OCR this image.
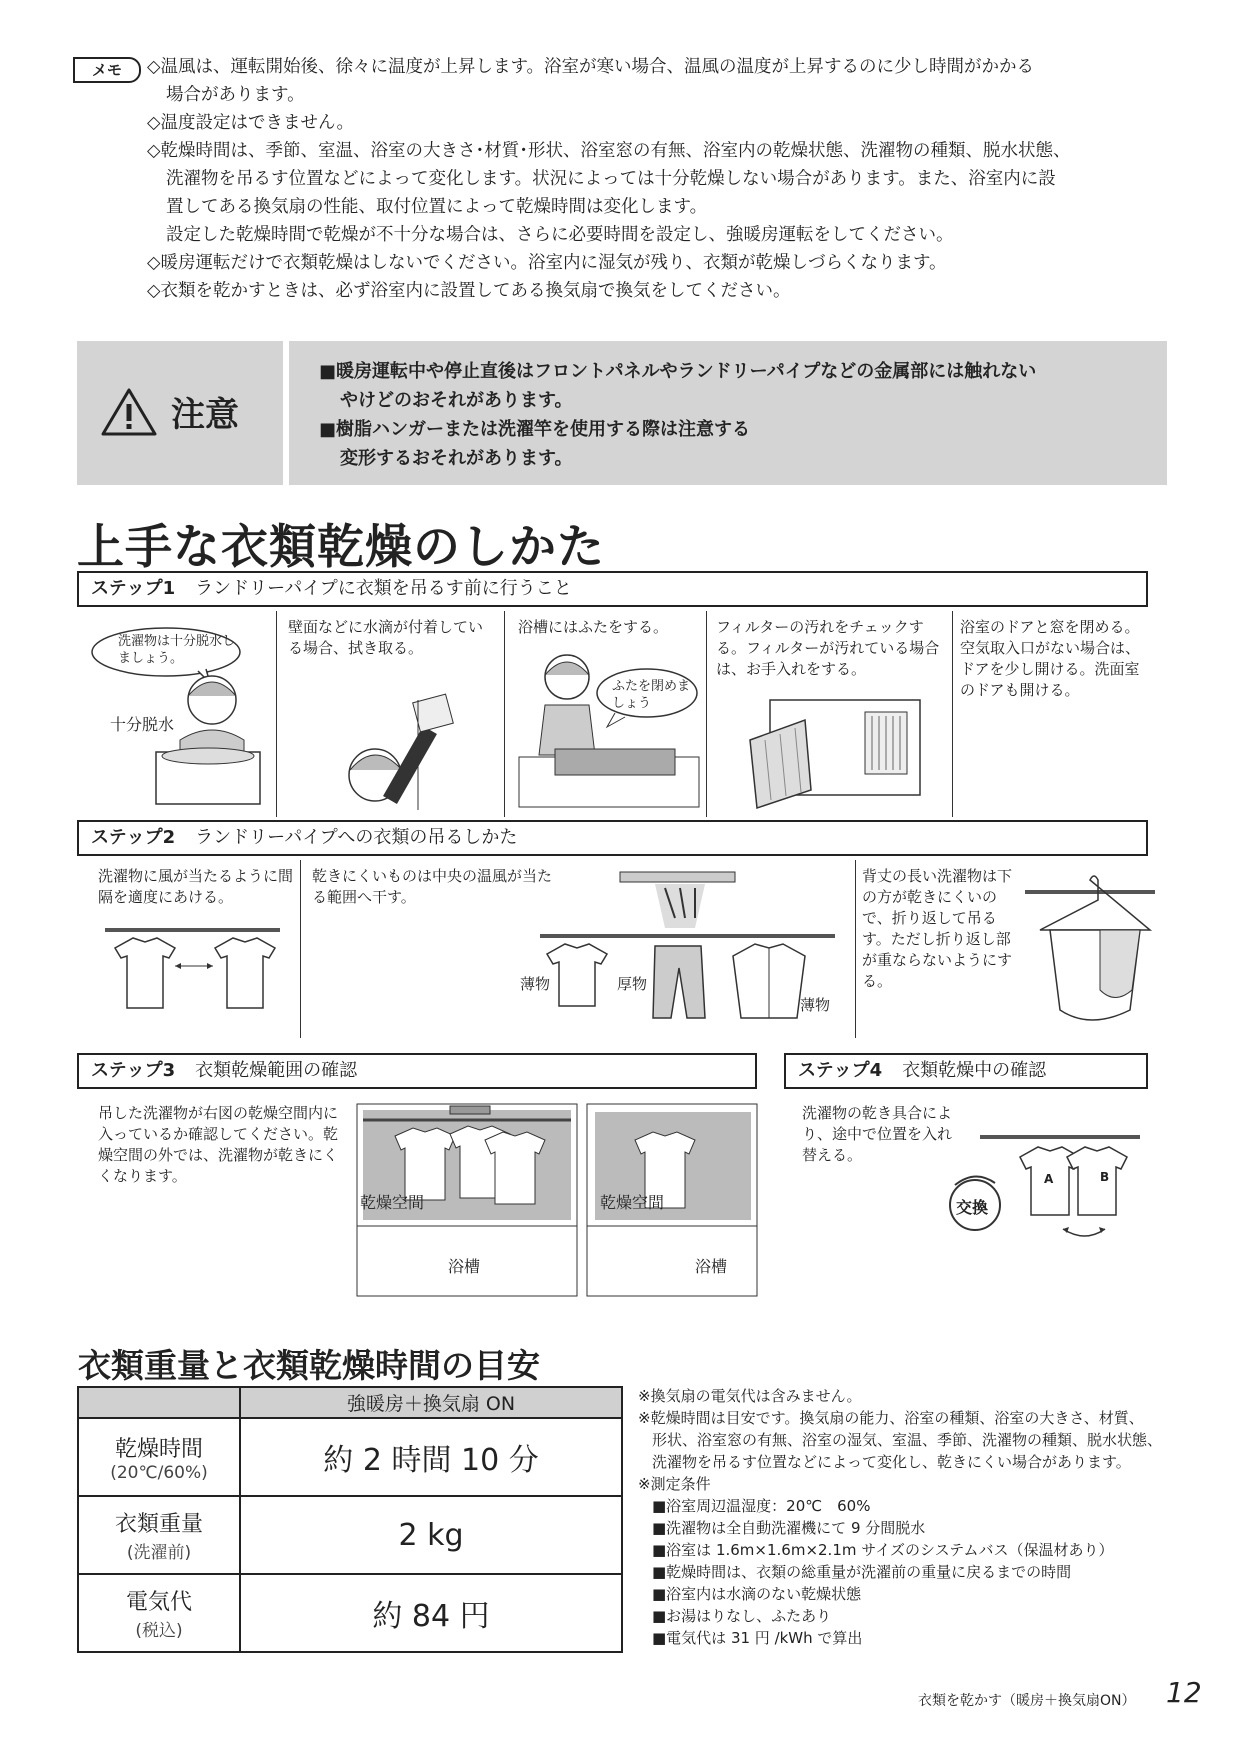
メモ	◇温風は、運転開始後、徐々に温度が上昇します。浴室が寒い場合、温風の温度が上昇するのに少し時間がかかる
場合があります。
◇温度設定はできません。
◇乾燥時間は、季節、室温、浴室の大きさ･材質･形状、浴室窓の有無、浴室内の乾燥状態、洗濯物の種類、脱水状態、
洗濯物を吊るす位置などによって変化します。状況によっては十分乾燥しない場合があります。また、浴室内に設
置してある換気扇の性能、取付位置によって乾燥時間は変化します。
設定した乾燥時間で乾燥が不十分な場合は、さらに必要時間を設定し、強暖房運転をしてください。
◇暖房運転だけで衣類乾燥はしないでください。浴室内に湿気が残り、衣類が乾燥しづらくなります。
◇衣類を乾かすときは、必ず浴室内に設置してある換気扇で換気をしてください。
注意
■暖房運転中や停止直後はフロントパネルやランドリーパイプなどの金属部には触れない
やけどのおそれがあります。
■樹脂ハンガーまたは洗濯竿を使用する際は注意する
変形するおそれがあります。
上手な衣類乾燥のしかた
ステップ1 ランドリーパイプに衣類を吊るす前に行うこと
洗濯物は十分脱水しましょう。
十分脱水
壁面などに水滴が付着している場合、拭き取る。
浴槽にはふたをする。
ふたを閉めましょう
フィルターの汚れをチェックする。フィルターが汚れている場合は、お手入れをする。
浴室のドアと窓を閉める。空気取入口がない場合は、ドアを少し開ける。洗面室のドアも開ける。
ステップ2 ランドリーパイプへの衣類の吊るしかた
洗濯物に風が当たるように間隔を適度にあける。
乾きにくいものは中央の温風が当たる範囲へ干す。
薄物	厚物
薄物
背丈の長い洗濯物は下の方が乾きにくいので、折り返して吊るす。ただし折り返し部が重ならないようにする。
ステップ3 衣類乾燥範囲の確認
吊した洗濯物が右図の乾燥空間内に入っているか確認してください。乾燥空間の外では、洗濯物が乾きにくくなります。
乾燥空間
浴槽
乾燥空間
浴槽
ステップ4 衣類乾燥中の確認
洗濯物の乾き具合により、途中で位置を入れ替える。
交換
A	B
衣類重量と衣類乾燥時間の目安
	強暖房＋換気扇 ON

乾燥時間
(20℃/60%)	約 2 時間 10 分

衣類重量
(洗濯前)	2 kg

電気代
(税込)	約 84 円
※換気扇の電気代は含みません。
※乾燥時間は目安です。換気扇の能力、浴室の種類、浴室の大きさ、材質、
形状、浴室窓の有無、浴室の湿気、室温、季節、洗濯物の種類、脱水状態、
洗濯物を吊るす位置などによって変化し、乾きにくい場合があります。
※測定条件
■浴室周辺温湿度：20℃　60%
■洗濯物は全自動洗濯機にて 9 分間脱水
■浴室は 1.6m×1.6m×2.1m サイズのシステムバス（保温材あり）
■乾燥時間は、衣類の総重量が洗濯前の重量に戻るまでの時間
■浴室内は水滴のない乾燥状態
■お湯はりなし、ふたあり
■電気代は 31 円 /kWh で算出
衣類を乾かす（暖房＋換気扇ON） 12
